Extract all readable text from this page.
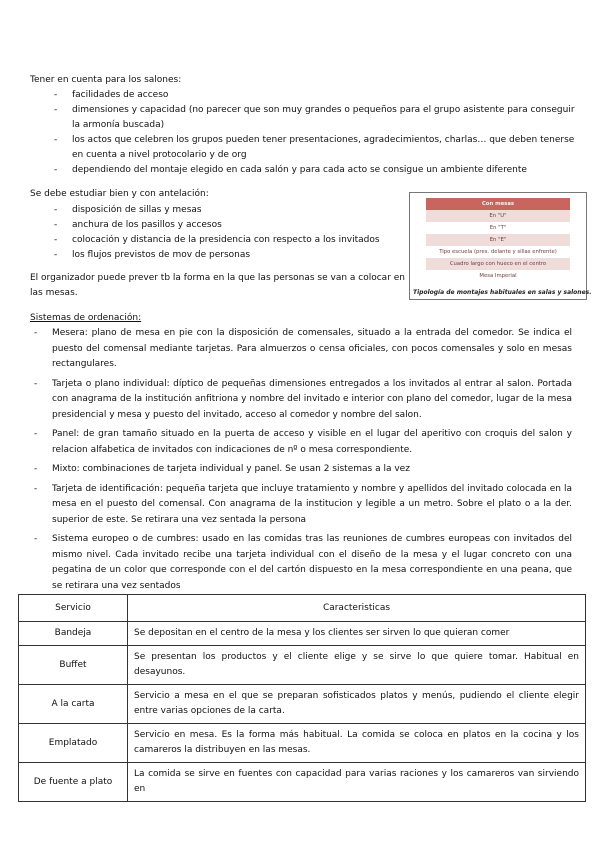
Tener en cuenta para los salones:

- facilidades de acceso
- dimensiones y capacidad (no parecer que son muy grandes o pequeños para el grupo asistente para conseguir la armonía buscada)
- los actos que celebren los grupos pueden tener presentaciones, agradecimientos, charlas… que deben tenerse en cuenta a nivel protocolario y de org
- dependiendo del montaje elegido en cada salón y para cada acto se consigue un ambiente diferente

Se debe estudiar bien y con antelación:

- disposición de sillas y mesas
- anchura de los pasillos y accesos
- colocación y distancia de la presidencia con respecto a los invitados
- los flujos previstos de mov de personas

El organizador puede prever tb la forma en la que las personas se van a colocar en las mesas.

Con mesas
En "U"
En "T"
En "E"
Tipo escuela (pres. delante y sillas enfrente)
Cuadro largo con hueco en el centro
Mesa Imperial
Tipología de montajes habituales en salas y salones.

Sistemas de ordenación:

- Mesera: plano de mesa en pie con la disposición de comensales, situado a la entrada del comedor. Se indica el puesto del comensal mediante tarjetas. Para almuerzos o censa oficiales, con pocos comensales y solo en mesas rectangulares.
- Tarjeta o plano individual: díptico de pequeñas dimensiones entregados a los invitados al entrar al salon. Portada con anagrama de la institución anfitriona y nombre del invitado e interior con plano del comedor, lugar de la mesa presidencial y mesa y puesto del invitado, acceso al comedor y nombre del salon.
- Panel: de gran tamaño situado en la puerta de acceso y visible en el lugar del aperitivo con croquis del salon y relacion alfabetica de invitados con indicaciones de nº o mesa correspondiente.
- Mixto: combinaciones de tarjeta individual y panel. Se usan 2 sistemas a la vez
- Tarjeta de identificación: pequeña tarjeta que incluye tratamiento y nombre y apellidos del invitado colocada en la mesa en el puesto del comensal. Con anagrama de la institucion y legible a un metro. Sobre el plato o a la der. superior de este. Se retirara una vez sentada la persona
- Sistema europeo o de cumbres: usado en las comidas tras las reuniones de cumbres europeas con invitados del mismo nivel. Cada invitado recibe una tarjeta individual con el diseño de la mesa y el lugar concreto con una pegatina de un color que corresponde con el del cartón dispuesto en la mesa correspondiente en una peana, que se retirara una vez sentados
Servicio	Caracteristicas
Bandeja	Se depositan en el centro de la mesa y los clientes ser sirven lo que quieran comer
Buffet	Se presentan los productos y el cliente elige y se sirve lo que quiere tomar. Habitual en desayunos.
A la carta	Servicio a mesa en el que se preparan sofisticados platos y menús, pudiendo el cliente elegir entre varias opciones de la carta.
Emplatado	Servicio en mesa. Es la forma más habitual. La comida se coloca en platos en la cocina y los camareros la distribuyen en las mesas.
De fuente a plato	La comida se sirve en fuentes con capacidad para varias raciones y los camareros van sirviendo en
